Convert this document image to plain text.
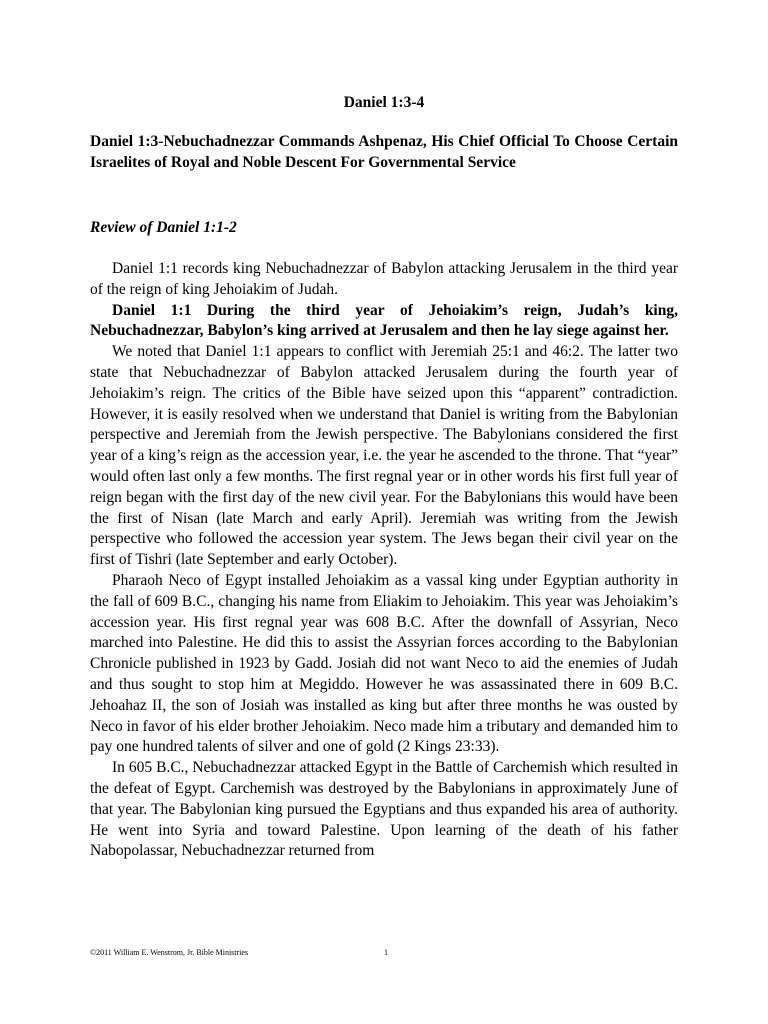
Daniel 1:3-4
Daniel 1:3-Nebuchadnezzar Commands Ashpenaz, His Chief Official To Choose Certain Israelites of Royal and Noble Descent For Governmental Service
Review of Daniel 1:1-2

Daniel 1:1 records king Nebuchadnezzar of Babylon attacking Jerusalem in the third year of the reign of king Jehoiakim of Judah.

Daniel 1:1 During the third year of Jehoiakim’s reign, Judah’s king, Nebuchadnezzar, Babylon’s king arrived at Jerusalem and then he lay siege against her.

We noted that Daniel 1:1 appears to conflict with Jeremiah 25:1 and 46:2. The latter two state that Nebuchadnezzar of Babylon attacked Jerusalem during the fourth year of Jehoiakim’s reign. The critics of the Bible have seized upon this “apparent” contradiction. However, it is easily resolved when we understand that Daniel is writing from the Babylonian perspective and Jeremiah from the Jewish perspective. The Babylonians considered the first year of a king’s reign as the accession year, i.e. the year he ascended to the throne. That “year” would often last only a few months. The first regnal year or in other words his first full year of reign began with the first day of the new civil year. For the Babylonians this would have been the first of Nisan (late March and early April). Jeremiah was writing from the Jewish perspective who followed the accession year system. The Jews began their civil year on the first of Tishri (late September and early October).

Pharaoh Neco of Egypt installed Jehoiakim as a vassal king under Egyptian authority in the fall of 609 B.C., changing his name from Eliakim to Jehoiakim. This year was Jehoiakim’s accession year. His first regnal year was 608 B.C. After the downfall of Assyrian, Neco marched into Palestine. He did this to assist the Assyrian forces according to the Babylonian Chronicle published in 1923 by Gadd. Josiah did not want Neco to aid the enemies of Judah and thus sought to stop him at Megiddo. However he was assassinated there in 609 B.C. Jehoahaz II, the son of Josiah was installed as king but after three months he was ousted by Neco in favor of his elder brother Jehoiakim. Neco made him a tributary and demanded him to pay one hundred talents of silver and one of gold (2 Kings 23:33).

In 605 B.C., Nebuchadnezzar attacked Egypt in the Battle of Carchemish which resulted in the defeat of Egypt. Carchemish was destroyed by the Babylonians in approximately June of that year. The Babylonian king pursued the Egyptians and thus expanded his area of authority. He went into Syria and toward Palestine. Upon learning of the death of his father Nabopolassar, Nebuchadnezzar returned from

©2011 William E. Wenstrom, Jr. Bible Ministries	1
